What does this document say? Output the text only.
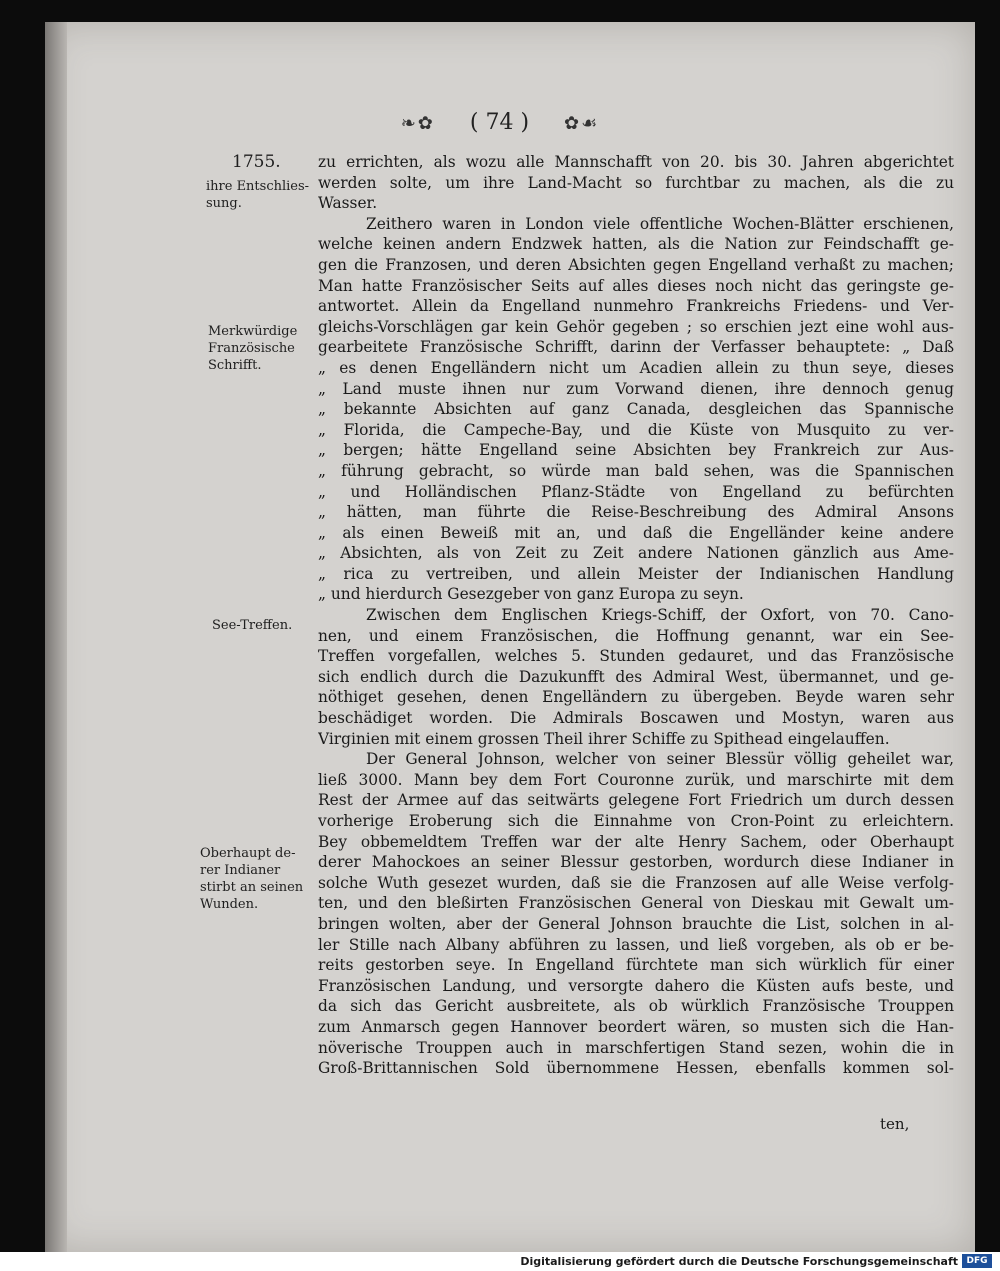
❧✿ ( 74 ) ✿☙
1755.
ihre Entschlies-
sung.
Merkwürdige
Französische
Schrifft.
See-Treffen.
Oberhaupt de-
rer Indianer
stirbt an seinen
Wunden.
zu errichten, als wozu alle Mannschafft von 20. bis 30. Jahren abgerichtet
werden solte, um ihre Land-Macht so furchtbar zu machen, als die zu
Wasser.
Zeithero waren in London viele offentliche Wochen-Blätter erschienen,
welche keinen andern Endzwek hatten, als die Nation zur Feindschafft ge-
gen die Franzosen, und deren Absichten gegen Engelland verhaßt zu machen;
Man hatte Französischer Seits auf alles dieses noch nicht das geringste ge-
antwortet. Allein da Engelland nunmehro Frankreichs Friedens- und Ver-
gleichs-Vorschlägen gar kein Gehör gegeben ; so erschien jezt eine wohl aus-
gearbeitete Französische Schrifft, darinn der Verfasser behauptete: „ Daß
„ es denen Engelländern nicht um Acadien allein zu thun seye, dieses
„ Land muste ihnen nur zum Vorwand dienen, ihre dennoch genug
„ bekannte Absichten auf ganz Canada, desgleichen das Spannische
„ Florida, die Campeche-Bay, und die Küste von Musquito zu ver-
„ bergen; hätte Engelland seine Absichten bey Frankreich zur Aus-
„ führung gebracht, so würde man bald sehen, was die Spannischen
„ und Holländischen Pflanz-Städte von Engelland zu befürchten
„ hätten, man führte die Reise-Beschreibung des Admiral Ansons
„ als einen Beweiß mit an, und daß die Engelländer keine andere
„ Absichten, als von Zeit zu Zeit andere Nationen gänzlich aus Ame-
„ rica zu vertreiben, und allein Meister der Indianischen Handlung
„ und hierdurch Gesezgeber von ganz Europa zu seyn.
Zwischen dem Englischen Kriegs-Schiff, der Oxfort, von 70. Cano-
nen, und einem Französischen, die Hoffnung genannt, war ein See-
Treffen vorgefallen, welches 5. Stunden gedauret, und das Französische
sich endlich durch die Dazukunfft des Admiral West, übermannet, und ge-
nöthiget gesehen, denen Engelländern zu übergeben. Beyde waren sehr
beschädiget worden. Die Admirals Boscawen und Mostyn, waren aus
Virginien mit einem grossen Theil ihrer Schiffe zu Spithead eingelauffen.
Der General Johnson, welcher von seiner Blessür völlig geheilet war,
ließ 3000. Mann bey dem Fort Couronne zurük, und marschirte mit dem
Rest der Armee auf das seitwärts gelegene Fort Friedrich um durch dessen
vorherige Eroberung sich die Einnahme von Cron-Point zu erleichtern.
Bey obbemeldtem Treffen war der alte Henry Sachem, oder Oberhaupt
derer Mahockoes an seiner Blessur gestorben, wordurch diese Indianer in
solche Wuth gesezet wurden, daß sie die Franzosen auf alle Weise verfolg-
ten, und den bleßirten Französischen General von Dieskau mit Gewalt um-
bringen wolten, aber der General Johnson brauchte die List, solchen in al-
ler Stille nach Albany abführen zu lassen, und ließ vorgeben, als ob er be-
reits gestorben seye. In Engelland fürchtete man sich würklich für einer
Französischen Landung, und versorgte dahero die Küsten aufs beste, und
da sich das Gericht ausbreitete, als ob würklich Französische Trouppen
zum Anmarsch gegen Hannover beordert wären, so musten sich die Han-
növerische Trouppen auch in marschfertigen Stand sezen, wohin die in
Groß-Brittannischen Sold übernommene Hessen, ebenfalls kommen sol-
ten,
Digitalisierung gefördert durch die Deutsche Forschungsgemeinschaft DFG
